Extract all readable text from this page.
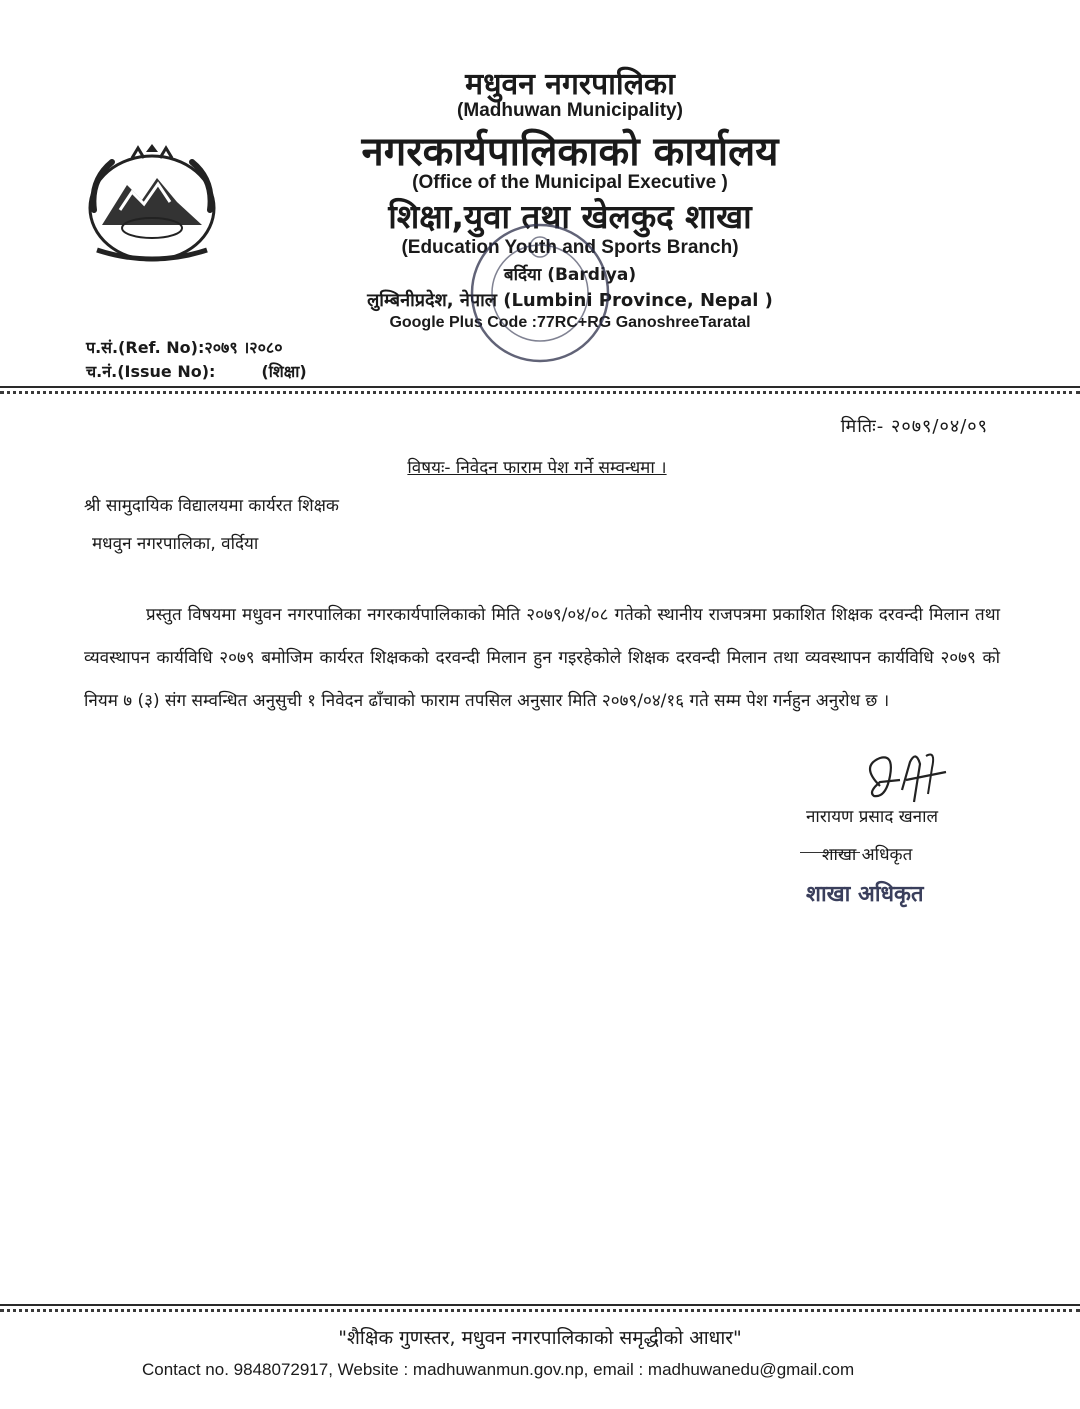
मधुवन नगरपालिका
(Madhuwan Municipality)
नगरकार्यपालिकाको कार्यालय
(Office of the Municipal Executive )
शिक्षा,युवा तथा खेलकुद शाखा
(Education Youth and Sports Branch)
बर्दिया (Bardiya)
लुम्बिनीप्रदेश, नेपाल (Lumbini Province, Nepal )
Google Plus Code :77RC+RG GanoshreeTaratal
प.सं.(Ref. No):२०७९ ।२०८०
च.नं.(Issue No):	(शिक्षा)
मितिः- २०७९/०४/०९
विषयः- निवेदन फाराम पेश गर्ने सम्वन्धमा ।
श्री सामुदायिक विद्यालयमा कार्यरत शिक्षक
मधवुन नगरपालिका, वर्दिया

प्रस्तुत विषयमा मधुवन नगरपालिका नगरकार्यपालिकाको मिति २०७९/०४/०८ गतेको स्थानीय राजपत्रमा प्रकाशित शिक्षक दरवन्दी मिलान तथा व्यवस्थापन कार्यविधि २०७९ बमोजिम कार्यरत शिक्षकको दरवन्दी मिलान हुन गइरहेकोले शिक्षक दरवन्दी मिलान तथा व्यवस्थापन कार्यविधि २०७९ को नियम ७ (३) संग सम्वन्धित अनुसुची १ निवेदन ढाँचाको फाराम तपसिल अनुसार मिति २०७९/०४/१६ गते सम्म पेश गर्नहुन अनुरोध छ ।

नारायण प्रसाद खनाल
शाखा अधिकृत
शाखा अधिकृत
"शैक्षिक गुणस्तर, मधुवन नगरपालिकाको समृद्धीको आधार"
Contact no. 9848072917, Website : madhuwanmun.gov.np, email : madhuwanedu@gmail.com
